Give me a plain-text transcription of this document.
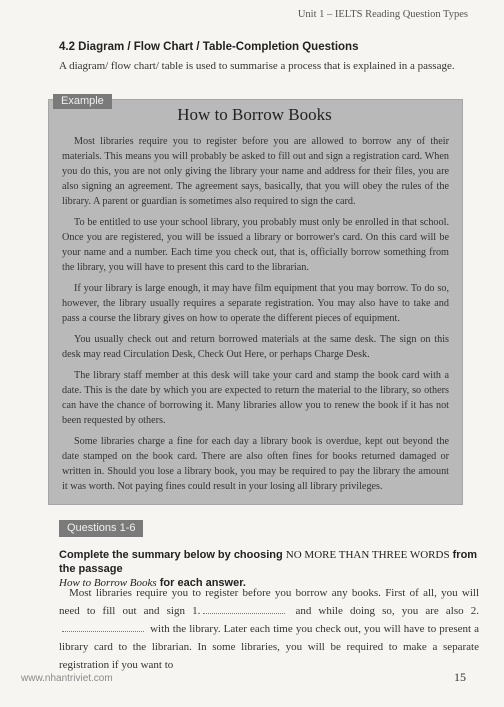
Unit 1 – IELTS Reading Question Types
4.2 Diagram / Flow Chart / Table-Completion Questions
A diagram/ flow chart/ table is used to summarise a process that is explained in a passage.
Example
How to Borrow Books

Most libraries require you to register before you are allowed to borrow any of their materials. This means you will probably be asked to fill out and sign a registration card. When you do this, you are not only giving the library your name and address for their files, you are also signing an agreement. The agreement says, basically, that you will obey the rules of the library. A parent or guardian is sometimes also required to sign the card.

To be entitled to use your school library, you probably must only be enrolled in that school. Once you are registered, you will be issued a library or borrower's card. On this card will be your name and a number. Each time you check out, that is, officially borrow something from the library, you will have to present this card to the librarian.

If your library is large enough, it may have film equipment that you may borrow. To do so, however, the library usually requires a separate registration. You may also have to take and pass a course the library gives on how to operate the different pieces of equipment.

You usually check out and return borrowed materials at the same desk. The sign on this desk may read Circulation Desk, Check Out Here, or perhaps Charge Desk.

The library staff member at this desk will take your card and stamp the book card with a date. This is the date by which you are expected to return the material to the library, so others can have the chance of borrowing it. Many libraries allow you to renew the book if it has not been requested by others.

Some libraries charge a fine for each day a library book is overdue, kept out beyond the date stamped on the book card. There are also often fines for books returned damaged or written in. Should you lose a library book, you may be required to pay the library the amount it was worth. Not paying fines could result in your losing all library privileges.

Questions 1-6
Complete the summary below by choosing NO MORE THAN THREE WORDS from the passage
How to Borrow Books for each answer.

Most libraries require you to register before you borrow any books. First of all, you will need to fill out and sign 1.	and while doing so, you are also 2. with the library. Later each time you check out, you will have to present a library card to the librarian. In some libraries, you will be required to make a separate registration if you want to

www.nhantriviet.com	15
